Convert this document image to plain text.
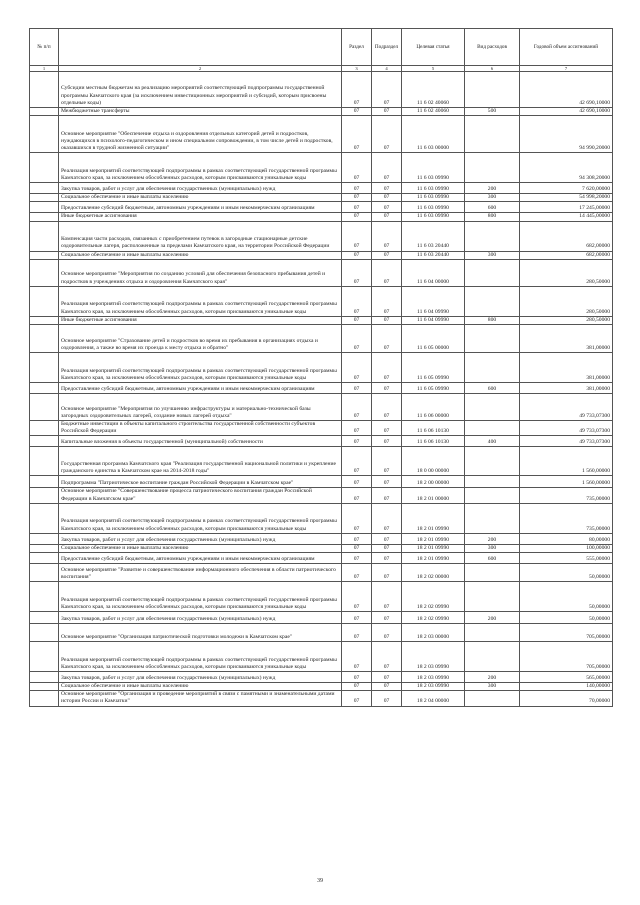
№ п/п		Раздел	Подраздел	Целевая статья	Вид расходов	Годовой объем ассигнований
1	2	3	4	5	6	7
	Субсидии местным бюджетам на реализацию мероприятий соответствующей подпрограммы государственной программы Камчатского края (за исключением инвестиционных мероприятий и субсидий, которым присвоены отдельные коды)	07	07	11 6 02 40060		42 690,10000
	Межбюджетные трансферты	07	07	11 6 02 40060	500	42 690,10000
	Основное мероприятие "Обеспечение отдыха и оздоровления отдельных категорий детей и подростков, нуждающихся в психолого-педагогическом и ином специальном сопровождении, в том числе детей и подростков, оказавшихся в трудной жизненной ситуации"	07	07	11 6 03 00000		94 990,20000
	Реализация мероприятий соответствующей подпрограммы в рамках соответствующей государственной программы Камчатского края, за исключением обособленных расходов, которым присваиваются уникальные коды	07	07	11 6 03 09990		94 308,20000
	Закупка товаров, работ и услуг для обеспечения государственных (муниципальных) нужд	07	07	11 6 03 09990	200	7 620,00000
	Социальное обеспечение и иные выплаты населению	07	07	11 6 03 09990	300	54 998,20000
	Предоставление субсидий бюджетным, автономным учреждениям и иным некоммерческим организациям	07	07	11 6 03 09990	600	17 245,00000
	Иные бюджетные ассигнования	07	07	11 6 03 09990	800	14 445,00000
	Компенсация части расходов, связанных с приобретением путевок в загородные стационарные детские оздоровительные лагеря, расположенные за пределами Камчатского края, на территории Российской Федерации	07	07	11 6 03 20440		682,00000
	Социальное обеспечение и иные выплаты населению	07	07	11 6 03 20440	300	682,00000
	Основное мероприятие "Мероприятия по созданию условий для обеспечения безопасного пребывания детей и подростков в учреждениях отдыха и оздоровления Камчатского края"	07	07	11 6 04 00000		280,50000
	Реализация мероприятий соответствующей подпрограммы в рамках соответствующей государственной программы Камчатского края, за исключением обособленных расходов, которым присваиваются уникальные коды	07	07	11 6 04 09990		280,50000
	Иные бюджетные ассигнования	07	07	11 6 04 09990	800	280,50000
	Основное мероприятие "Страхование детей и подростков во время их пребывания в организациях отдыха и оздоровления, а также во время их проезда к месту отдыха и обратно"	07	07	11 6 05 00000		381,00000
	Реализация мероприятий соответствующей подпрограммы в рамках соответствующей государственной программы Камчатского края, за исключением обособленных расходов, которым присваиваются уникальные коды	07	07	11 6 05 09990		381,00000
	Предоставление субсидий бюджетным, автономным учреждениям и иным некоммерческим организациям	07	07	11 6 05 09990	600	381,00000
	Основное мероприятие "Мероприятия по улучшению инфраструктуры и материально-технической базы загородных оздоровительных лагерей, создание новых лагерей отдыха"	07	07	11 6 06 00000		49 733,07300
	Бюджетные инвестиции в объекты капитального строительства государственной собственности субъектов Российской Федерации	07	07	11 6 06 10130		49 733,07300
	Капитальные вложения в объекты государственной (муниципальной) собственности	07	07	11 6 06 10130	400	49 733,07300
	Государственная программа Камчатского края "Реализация государственной национальной политики и укрепление гражданского единства в Камчатском крае на 2014-2018 годы"	07	07	18 0 00 00000		1 560,00000
	Подпрограмма "Патриотическое воспитание граждан Российской Федерации в Камчатском крае"	07	07	18 2 00 00000		1 560,00000
	Основное мероприятие "Совершенствование процесса патриотического воспитания граждан Российской Федерации в Камчатском крае"	07	07	18 2 01 00000		735,00000
	Реализация мероприятий соответствующей подпрограммы в рамках соответствующей государственной программы Камчатского края, за исключением обособленных расходов, которым присваиваются уникальные коды	07	07	18 2 01 09990		735,00000
	Закупка товаров, работ и услуг для обеспечения государственных (муниципальных) нужд	07	07	18 2 01 09990	200	80,00000
	Социальное обеспечение и иные выплаты населению	07	07	18 2 01 09990	300	100,00000
	Предоставление субсидий бюджетным, автономным учреждениям и иным некоммерческим организациям	07	07	18 2 01 09990	600	555,00000
	Основное мероприятие "Развитие и совершенствование информационного обеспечения в области патриотического воспитания"	07	07	18 2 02 00000		50,00000
	Реализация мероприятий соответствующей подпрограммы в рамках соответствующей государственной программы Камчатского края, за исключением обособленных расходов, которым присваиваются уникальные коды	07	07	18 2 02 09990		50,00000
	Закупка товаров, работ и услуг для обеспечения государственных (муниципальных) нужд	07	07	18 2 02 09990	200	50,00000
	Основное мероприятие "Организация патриотической подготовки молодежи в Камчатском крае"	07	07	18 2 03 00000		705,00000
	Реализация мероприятий соответствующей подпрограммы в рамках соответствующей государственной программы Камчатского края, за исключением обособленных расходов, которым присваиваются уникальные коды	07	07	18 2 03 09990		705,00000
	Закупка товаров, работ и услуг для обеспечения государственных (муниципальных) нужд	07	07	18 2 03 09990	200	565,00000
	Социальное обеспечение и иные выплаты населению	07	07	18 2 03 09990	300	140,00000
	Основное мероприятие "Организация и проведение мероприятий в связи с памятными и знаменательными датами истории России и Камчатки"	07	07	18 2 04 00000		70,00000
39
